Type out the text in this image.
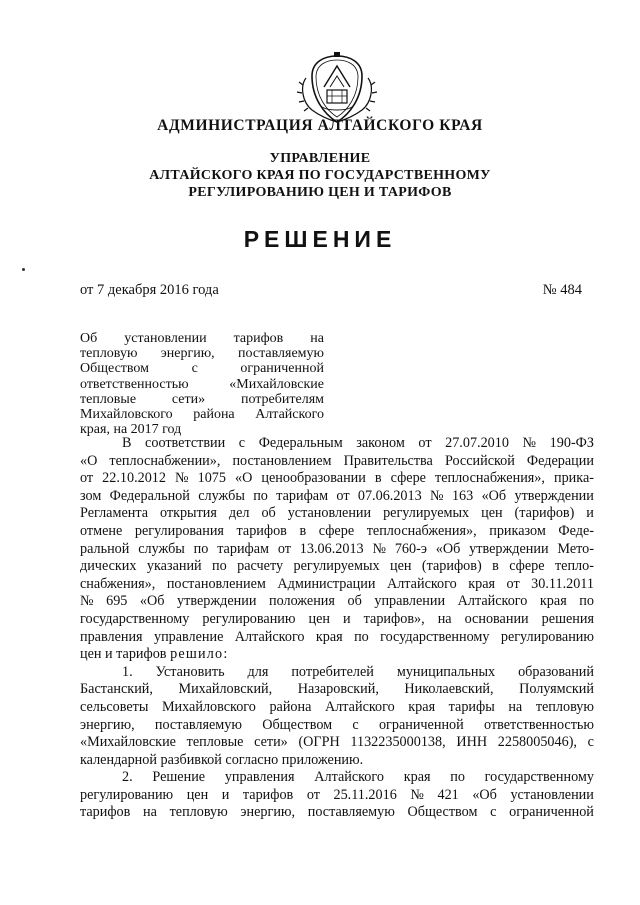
АДМИНИСТРАЦИЯ АЛТАЙСКОГО КРАЯ
УПРАВЛЕНИЕ
АЛТАЙСКОГО КРАЯ ПО ГОСУДАРСТВЕННОМУ
РЕГУЛИРОВАНИЮ ЦЕН И ТАРИФОВ
РЕШЕНИЕ
от 7 декабря 2016 года	№ 484
Об установлении тарифов на
тепловую энергию, поставляемую
Обществом	с	ограниченной
ответственностью	«Михайловские
тепловые	сети»	потребителям
Михайловского района Алтайского
края, на 2017 год
В соответствии с Федеральным законом от 27.07.2010 № 190-ФЗ
«О теплоснабжении», постановлением Правительства Российской Федерации
от 22.10.2012 № 1075 «О ценообразовании в сфере теплоснабжения», прика-
зом Федеральной службы по тарифам от 07.06.2013 № 163 «Об утверждении
Регламента открытия дел об установлении регулируемых цен (тарифов) и
отмене регулирования тарифов в сфере теплоснабжения», приказом Феде-
ральной службы по тарифам от 13.06.2013 № 760-э «Об утверждении Мето-
дических указаний по расчету регулируемых цен (тарифов) в сфере тепло-
снабжения», постановлением Администрации Алтайского края от 30.11.2011
№ 695 «Об утверждении положения об управлении Алтайского края по
государственному регулированию цен и тарифов», на основании решения
правления управление Алтайского края по государственному регулированию
цен и тарифов
решило:
1. Установить для потребителей муниципальных образований
Бастанский, Михайловский, Назаровский, Николаевский, Полуямский
сельсоветы Михайловского района Алтайского края тарифы на тепловую
энергию, поставляемую Обществом с ограниченной ответственностью
«Михайловские тепловые сети» (ОГРН 1132235000138, ИНН 2258005046), с
календарной разбивкой согласно приложению.
2. Решение управления Алтайского края по государственному
регулированию цен и тарифов от 25.11.2016 № 421 «Об установлении
тарифов на тепловую энергию, поставляемую Обществом с ограниченной
